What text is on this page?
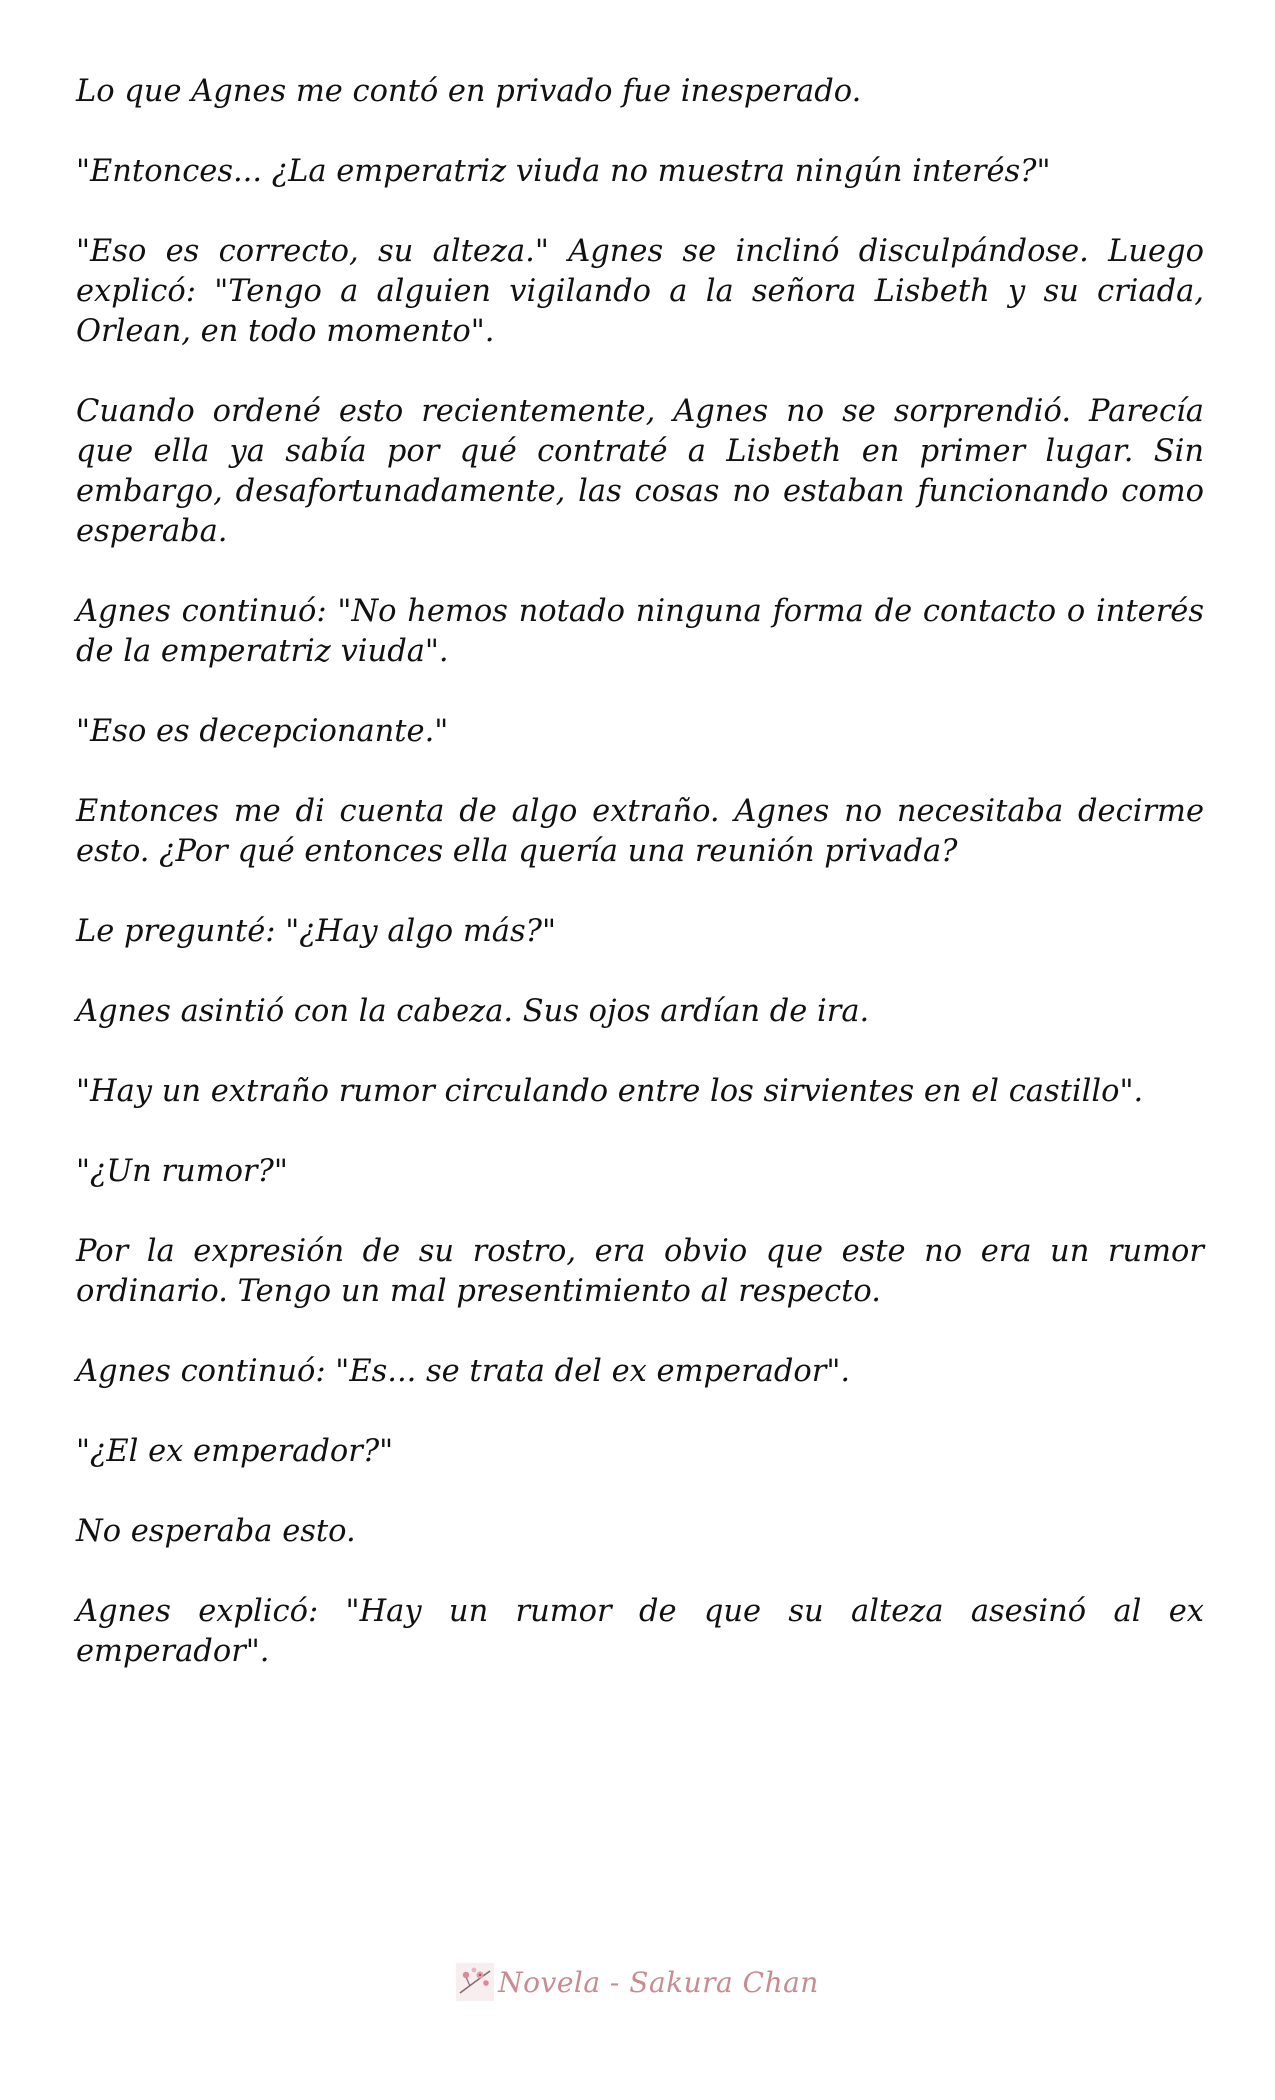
Lo que Agnes me contó en privado fue inesperado.

"Entonces... ¿La emperatriz viuda no muestra ningún interés?"

"Eso es correcto, su alteza." Agnes se inclinó disculpándose. Luego explicó: "Tengo a alguien vigilando a la señora Lisbeth y su criada, Orlean, en todo momento".

Cuando ordené esto recientemente, Agnes no se sorprendió. Parecía que ella ya sabía por qué contraté a Lisbeth en primer lugar. Sin embargo, desafortunadamente, las cosas no estaban funcionando como esperaba.

Agnes continuó: "No hemos notado ninguna forma de contacto o interés de la emperatriz viuda".

"Eso es decepcionante."

Entonces me di cuenta de algo extraño. Agnes no necesitaba decirme esto. ¿Por qué entonces ella quería una reunión privada?

Le pregunté: "¿Hay algo más?"

Agnes asintió con la cabeza. Sus ojos ardían de ira.

"Hay un extraño rumor circulando entre los sirvientes en el castillo".

"¿Un rumor?"

Por la expresión de su rostro, era obvio que este no era un rumor ordinario. Tengo un mal presentimiento al respecto.

Agnes continuó: "Es... se trata del ex emperador".

"¿El ex emperador?"

No esperaba esto.

Agnes explicó: "Hay un rumor de que su alteza asesinó al ex emperador".

Novela - Sakura Chan
